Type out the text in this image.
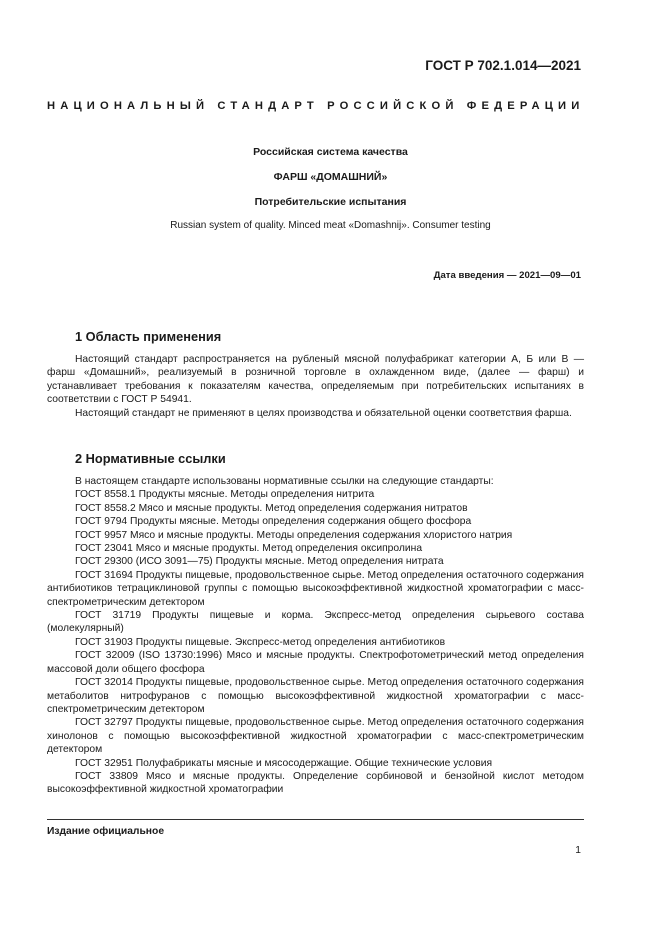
ГОСТ Р 702.1.014—2021
НАЦИОНАЛЬНЫЙ СТАНДАРТ РОССИЙСКОЙ ФЕДЕРАЦИИ
Российская система качества
ФАРШ «ДОМАШНИЙ»
Потребительские испытания
Russian system of quality. Minced meat «Domashnij». Consumer testing
Дата введения — 2021—09—01
1 Область применения

Настоящий стандарт распространяется на рубленый мясной полуфабрикат категории А, Б или В — фарш «Домашний», реализуемый в розничной торговле в охлажденном виде, (далее — фарш) и устанавливает требования к показателям качества, определяемым при потребительских испытаниях в соответствии с ГОСТ Р 54941.

Настоящий стандарт не применяют в целях производства и обязательной оценки соответствия фарша.

2 Нормативные ссылки

В настоящем стандарте использованы нормативные ссылки на следующие стандарты:

ГОСТ 8558.1 Продукты мясные. Методы определения нитрита

ГОСТ 8558.2 Мясо и мясные продукты. Метод определения содержания нитратов

ГОСТ 9794 Продукты мясные. Методы определения содержания общего фосфора

ГОСТ 9957 Мясо и мясные продукты. Методы определения содержания хлористого натрия

ГОСТ 23041 Мясо и мясные продукты. Метод определения оксипролина

ГОСТ 29300 (ИСО 3091—75) Продукты мясные. Метод определения нитрата

ГОСТ 31694 Продукты пищевые, продовольственное сырье. Метод определения остаточного содержания антибиотиков тетрациклиновой группы с помощью высокоэффективной жидкостной хроматографии с масс-спектрометрическим детектором

ГОСТ 31719 Продукты пищевые и корма. Экспресс-метод определения сырьевого состава (молекулярный)

ГОСТ 31903 Продукты пищевые. Экспресс-метод определения антибиотиков

ГОСТ 32009 (ISO 13730:1996) Мясо и мясные продукты. Спектрофотометрический метод определения массовой доли общего фосфора

ГОСТ 32014 Продукты пищевые, продовольственное сырье. Метод определения остаточного содержания метаболитов нитрофуранов с помощью высокоэффективной жидкостной хроматографии с масс-спектрометрическим детектором

ГОСТ 32797 Продукты пищевые, продовольственное сырье. Метод определения остаточного содержания хинолонов с помощью высокоэффективной жидкостной хроматографии с масс-спектрометрическим детектором

ГОСТ 32951 Полуфабрикаты мясные и мясосодержащие. Общие технические условия

ГОСТ 33809 Мясо и мясные продукты. Определение сорбиновой и бензойной кислот методом высокоэффективной жидкостной хроматографии

Издание официальное
1
